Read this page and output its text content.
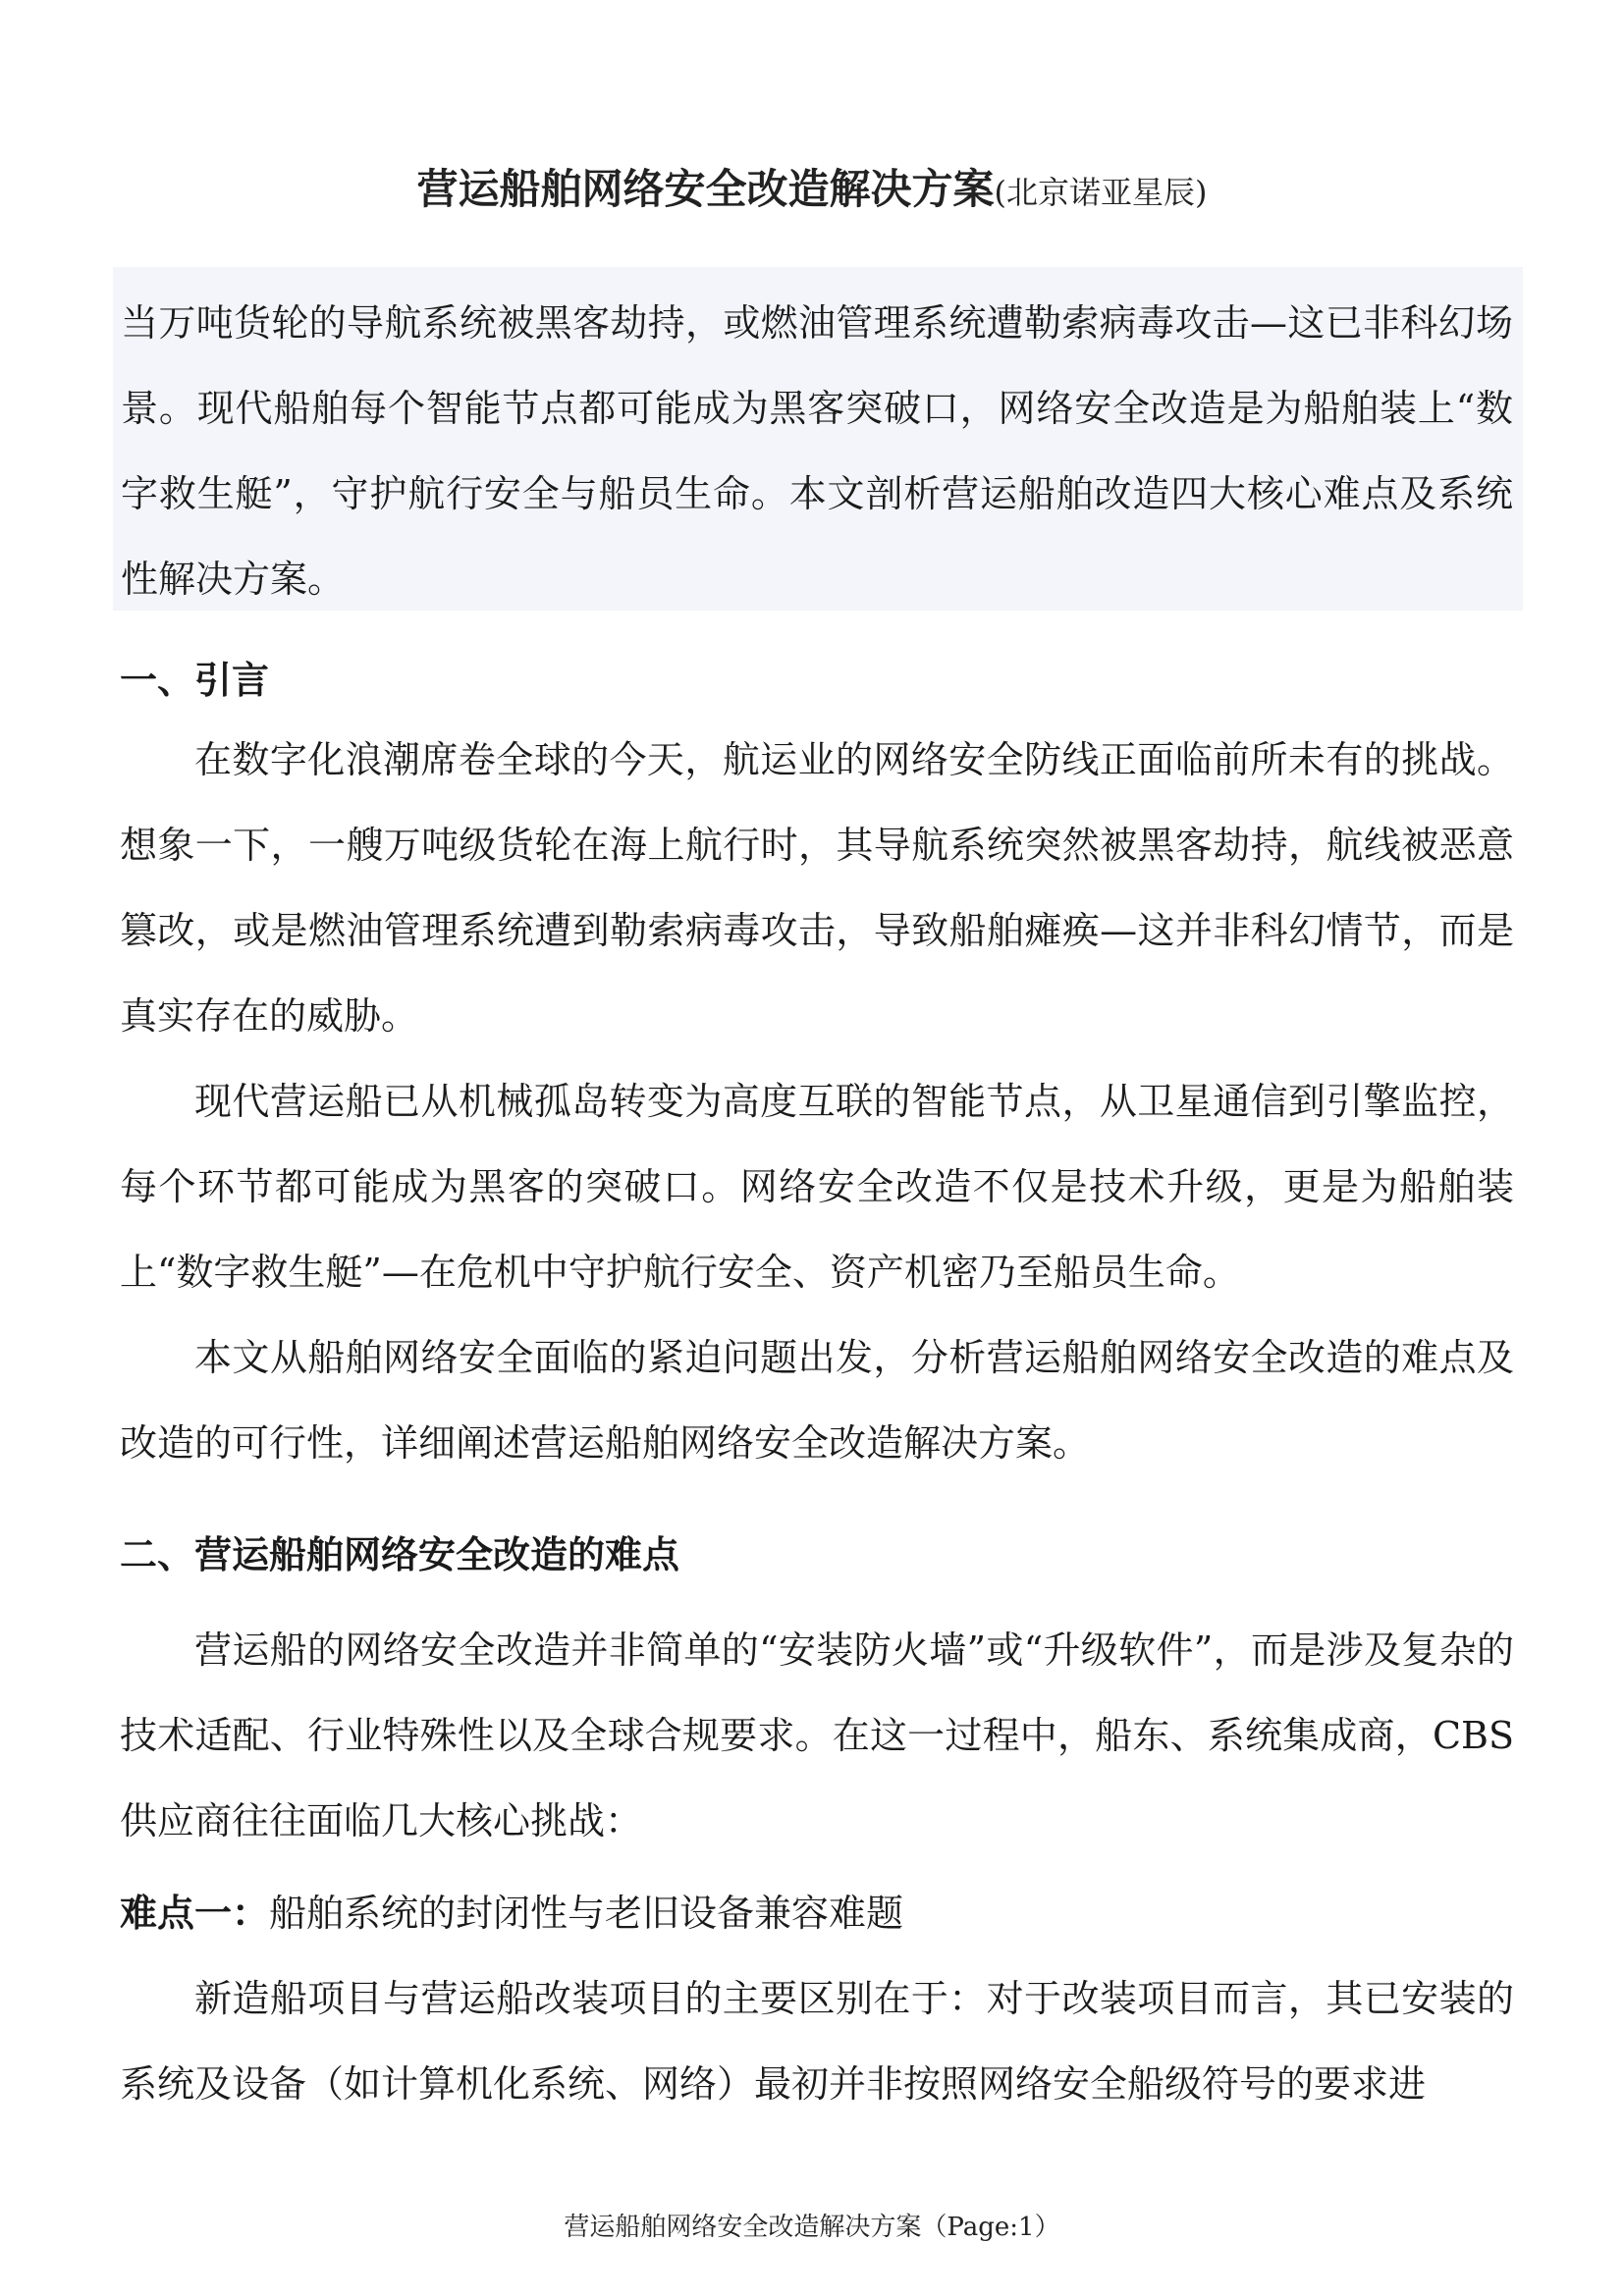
营运船舶网络安全改造解决方案(北京诺亚星辰)
当万吨货轮的导航系统被黑客劫持，或燃油管理系统遭勒索病毒攻击—这已非科幻场景。现代船舶每个智能节点都可能成为黑客突破口，网络安全改造是为船舶装上“数字救生艇”，守护航行安全与船员生命。本文剖析营运船舶改造四大核心难点及系统性解决方案。

一、引言

在数字化浪潮席卷全球的今天，航运业的网络安全防线正面临前所未有的挑战。想象一下，一艘万吨级货轮在海上航行时，其导航系统突然被黑客劫持，航线被恶意篡改，或是燃油管理系统遭到勒索病毒攻击，导致船舶瘫痪—这并非科幻情节，而是真实存在的威胁。

现代营运船已从机械孤岛转变为高度互联的智能节点，从卫星通信到引擎监控，每个环节都可能成为黑客的突破口。网络安全改造不仅是技术升级，更是为船舶装上“数字救生艇”—在危机中守护航行安全、资产机密乃至船员生命。

本文从船舶网络安全面临的紧迫问题出发，分析营运船舶网络安全改造的难点及改造的可行性，详细阐述营运船舶网络安全改造解决方案。

二、营运船舶网络安全改造的难点

营运船的网络安全改造并非简单的“安装防火墙”或“升级软件”，而是涉及复杂的技术适配、行业特殊性以及全球合规要求。在这一过程中，船东、系统集成商，CBS 供应商往往面临几大核心挑战：

难点一：船舶系统的封闭性与老旧设备兼容难题

新造船项目与营运船改装项目的主要区别在于：对于改装项目而言，其已安装的系统及设备（如计算机化系统、网络）最初并非按照网络安全船级符号的要求进

营运船舶网络安全改造解决方案（Page:1）
